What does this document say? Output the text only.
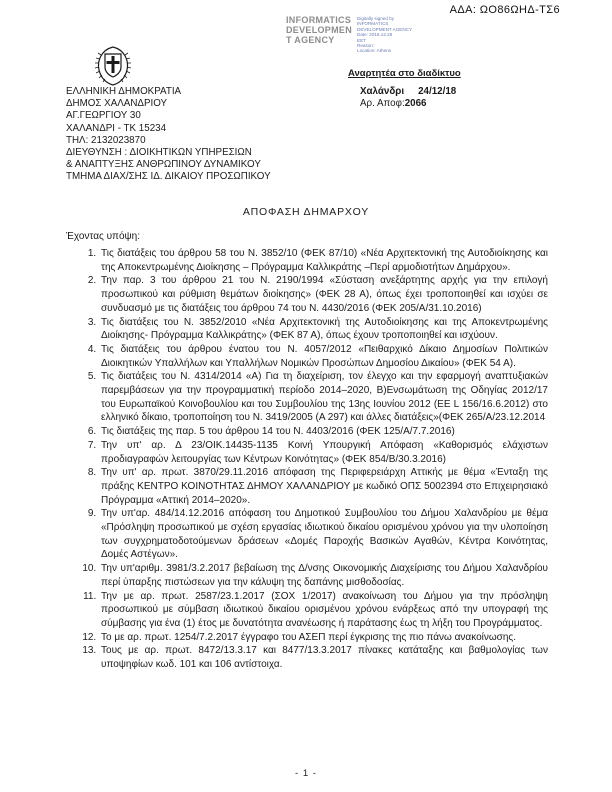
ΑΔΑ: ΩΟ86ΩΗΔ-ΤΣ6
INFORMATICS
DEVELOPMEN
T AGENCY
Digitally signed by
INFORMATICS
DEVELOPMENT AGENCY
Date: 2018.12.28
EET
Reason:
Location: Athens
Αναρτητέα στο διαδίκτυο
ΕΛΛΗΝΙΚΗ ΔΗΜΟΚΡΑΤΙΑ
ΔΗΜΟΣ ΧΑΛΑΝΔΡΙΟΥ
ΑΓ.ΓΕΩΡΓΙΟΥ 30
ΧΑΛΑΝΔΡΙ - ΤΚ 15234
ΤΗΛ: 2132023870
ΔΙΕΥΘΥΝΣΗ : ΔΙΟΙΚΗΤΙΚΩΝ ΥΠΗΡΕΣΙΩΝ
& ΑΝΑΠΤΥΞΗΣ ΑΝΘΡΩΠΙΝΟΥ ΔΥΝΑΜΙΚΟΥ
ΤΜΗΜΑ ΔΙΑΧ/ΣΗΣ ΙΔ. ΔΙΚΑΙΟΥ ΠΡΟΣΩΠΙΚΟΥ
Χαλάνδρι 24/12/18
Αρ. Αποφ:2066
ΑΠΟΦΑΣΗ ΔΗΜΑΡΧΟΥ
Έχοντας υπόψη:
1. Τις διατάξεις του άρθρου 58 του Ν. 3852/10 (ΦΕΚ 87/10) «Νέα Αρχιτεκτονική της Αυτοδιοίκησης και της Αποκεντρωμένης Διοίκησης – Πρόγραμμα Καλλικράτης –Περί αρμοδιοτήτων Δημάρχου».
2. Την παρ. 3 του άρθρου 21 του Ν. 2190/1994 «Σύσταση ανεξάρτητης αρχής για την επιλογή προσωπικού και ρύθμιση θεμάτων διοίκησης» (ΦΕΚ 28 Α), όπως έχει τροποποιηθεί και ισχύει σε συνδυασμό με τις διατάξεις του άρθρου 74 του Ν. 4430/2016 (ΦΕΚ 205/Α/31.10.2016)
3. Τις διατάξεις του Ν. 3852/2010 «Νέα Αρχιτεκτονική της Αυτοδιοίκησης και της Αποκεντρωμένης Διοίκησης- Πρόγραμμα Καλλικράτης» (ΦΕΚ 87 Α), όπως έχουν τροποποιηθεί και ισχύουν.
4. Τις διατάξεις του άρθρου ένατου του Ν. 4057/2012 «Πειθαρχικό Δίκαιο Δημοσίων Πολιτικών Διοικητικών Υπαλλήλων και Υπαλλήλων Νομικών Προσώπων Δημοσίου Δικαίου» (ΦΕΚ 54 Α).
5. Τις διατάξεις του Ν. 4314/2014 «Α) Για τη διαχείριση, τον έλεγχο και την εφαρμογή αναπτυξιακών παρεμβάσεων για την προγραμματική περίοδο 2014–2020, Β)Ενσωμάτωση της Οδηγίας 2012/17 του Ευρωπαϊκού Κοινοβουλίου και του Συμβουλίου της 13ης Ιουνίου 2012 (ΕΕ L 156/16.6.2012) στο ελληνικό δίκαιο, τροποποίηση του Ν. 3419/2005 (Α 297) και άλλες διατάξεις»(ΦΕΚ 265/Α/23.12.2014
6. Τις διατάξεις της παρ. 5 του άρθρου 14 του Ν. 4403/2016 (ΦΕΚ 125/Α/7.7.2016)
7. Την υπ' αρ. Δ 23/ΟΙΚ.14435-1135 Κοινή Υπουργική Απόφαση «Καθορισμός ελάχιστων προδιαγραφών λειτουργίας των Κέντρων Κοινότητας» (ΦΕΚ 854/Β/30.3.2016)
8. Την υπ' αρ. πρωτ. 3870/29.11.2016 απόφαση της Περιφερειάρχη Αττικής με θέμα «Ένταξη της πράξης ΚΕΝΤΡΟ ΚΟΙΝΟΤΗΤΑΣ ΔΗΜΟΥ ΧΑΛΑΝΔΡΙΟΥ με κωδικό ΟΠΣ 5002394 στο Επιχειρησιακό Πρόγραμμα «Αττική 2014–2020».
9. Την υπ'αρ. 484/14.12.2016 απόφαση του Δημοτικού Συμβουλίου του Δήμου Χαλανδρίου με θέμα «Πρόσληψη προσωπικού με σχέση εργασίας ιδιωτικού δικαίου ορισμένου χρόνου για την υλοποίηση των συγχρηματοδοτούμενων δράσεων «Δομές Παροχής Βασικών Αγαθών, Κέντρα Κοινότητας, Δομές Αστέγων».
10. Την υπ'αριθμ. 3981/3.2.2017 βεβαίωση της Δ/νσης Οικονομικής Διαχείρισης του Δήμου Χαλανδρίου περί ύπαρξης πιστώσεων για την κάλυψη της δαπάνης μισθοδοσίας.
11. Την με αρ. πρωτ. 2587/23.1.2017 (ΣΟΧ 1/2017) ανακοίνωση του Δήμου για την πρόσληψη προσωπικού με σύμβαση ιδιωτικού δικαίου ορισμένου χρόνου ενάρξεως από την υπογραφή της σύμβασης για ένα (1) έτος με δυνατότητα ανανέωσης ή παράτασης έως τη λήξη του Προγράμματος.
12. Το με αρ. πρωτ. 1254/7.2.2017 έγγραφο του ΑΣΕΠ περί έγκρισης της πιο πάνω ανακοίνωσης.
13. Τους με αρ. πρωτ. 8472/13.3.17 και 8477/13.3.2017 πίνακες κατάταξης και βαθμολογίας των υποψηφίων κωδ. 101 και 106 αντίστοιχα.
- 1 -
